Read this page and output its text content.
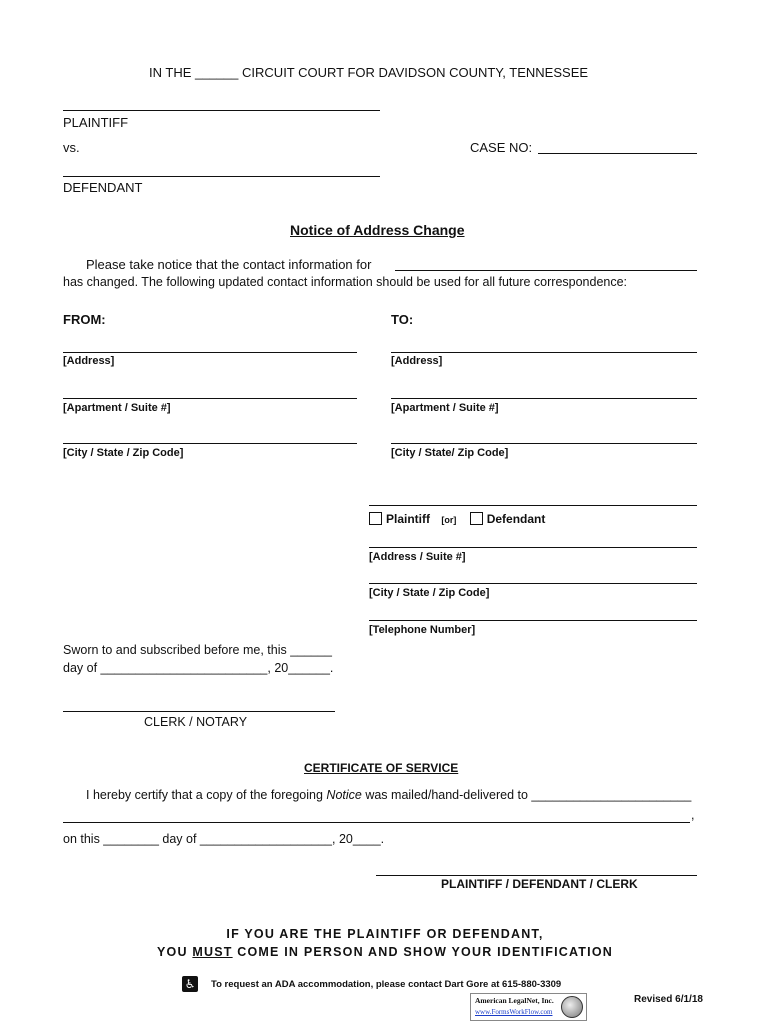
IN THE ______ CIRCUIT COURT FOR DAVIDSON COUNTY, TENNESSEE
PLAINTIFF
vs.	CASE NO:
DEFENDANT
Notice of Address Change
Please take notice that the contact information for
has changed. The following updated contact information should be used for all future correspondence:
FROM:	TO:
[Address]	[Address]
[Apartment / Suite #]	[Apartment / Suite #]
[City / State / Zip Code]	[City / State/ Zip Code]
Plaintiff [or]	Defendant
[Address / Suite #]
[City / State / Zip Code]
[Telephone Number]
Sworn to and subscribed before me, this ______
day of ________________________, 20______.
CLERK / NOTARY
CERTIFICATE OF SERVICE
I hereby certify that a copy of the foregoing Notice was mailed/hand-delivered to _______________________
,
on this ________ day of ___________________, 20____.
PLAINTIFF / DEFENDANT / CLERK
IF YOU ARE THE PLAINTIFF OR DEFENDANT,
YOU MUST COME IN PERSON AND SHOW YOUR IDENTIFICATION
♿ To request an ADA accommodation, please contact Dart Gore at 615-880-3309
American LegalNet, Inc.
www.FormsWorkFlow.com
Revised 6/1/18
